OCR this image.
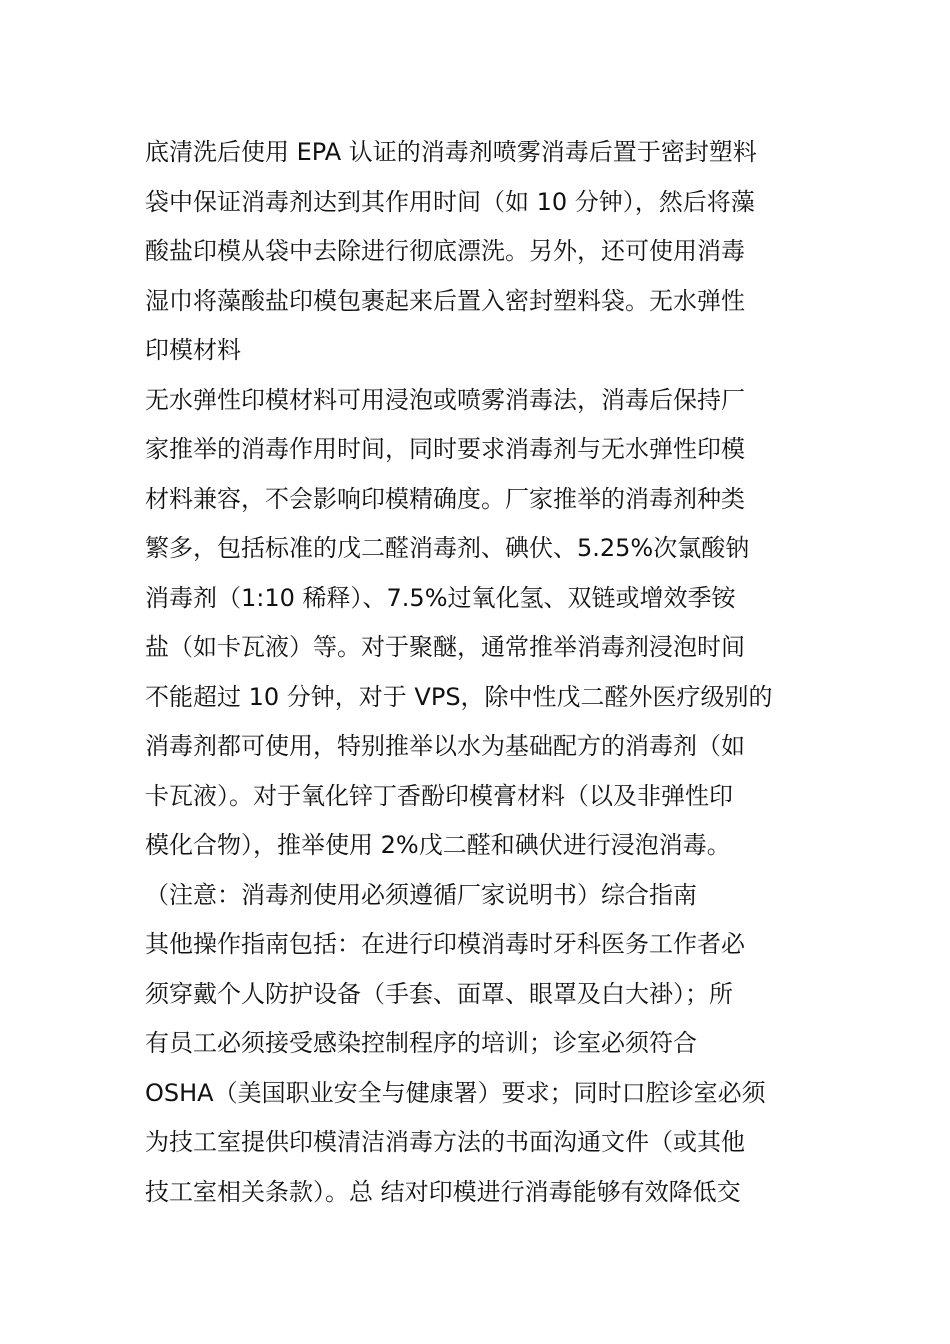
底清洗后使用 EPA 认证的消毒剂喷雾消毒后置于密封塑料
袋中保证消毒剂达到其作用时间（如 10 分钟），然后将藻
酸盐印模从袋中去除进行彻底漂洗。另外，还可使用消毒
湿巾将藻酸盐印模包裹起来后置入密封塑料袋。无水弹性
印模材料
无水弹性印模材料可用浸泡或喷雾消毒法，消毒后保持厂
家推举的消毒作用时间，同时要求消毒剂与无水弹性印模
材料兼容，不会影响印模精确度。厂家推举的消毒剂种类
繁多，包括标准的戊二醛消毒剂、碘伏、5.25%次氯酸钠
消毒剂（1:10 稀释）、7.5%过氧化氢、双链或增效季铵
盐（如卡瓦液）等。对于聚醚，通常推举消毒剂浸泡时间
不能超过 10 分钟，对于 VPS，除中性戊二醛外医疗级别的
消毒剂都可使用，特别推举以水为基础配方的消毒剂（如
卡瓦液）。对于氧化锌丁香酚印模膏材料（以及非弹性印
模化合物），推举使用 2%戊二醛和碘伏进行浸泡消毒。
（注意：消毒剂使用必须遵循厂家说明书）综合指南
其他操作指南包括：在进行印模消毒时牙科医务工作者必
须穿戴个人防护设备（手套、面罩、眼罩及白大褂）；所
有员工必须接受感染控制程序的培训；诊室必须符合
OSHA（美国职业安全与健康署）要求；同时口腔诊室必须
为技工室提供印模清洁消毒方法的书面沟通文件（或其他
技工室相关条款）。总 结对印模进行消毒能够有效降低交
